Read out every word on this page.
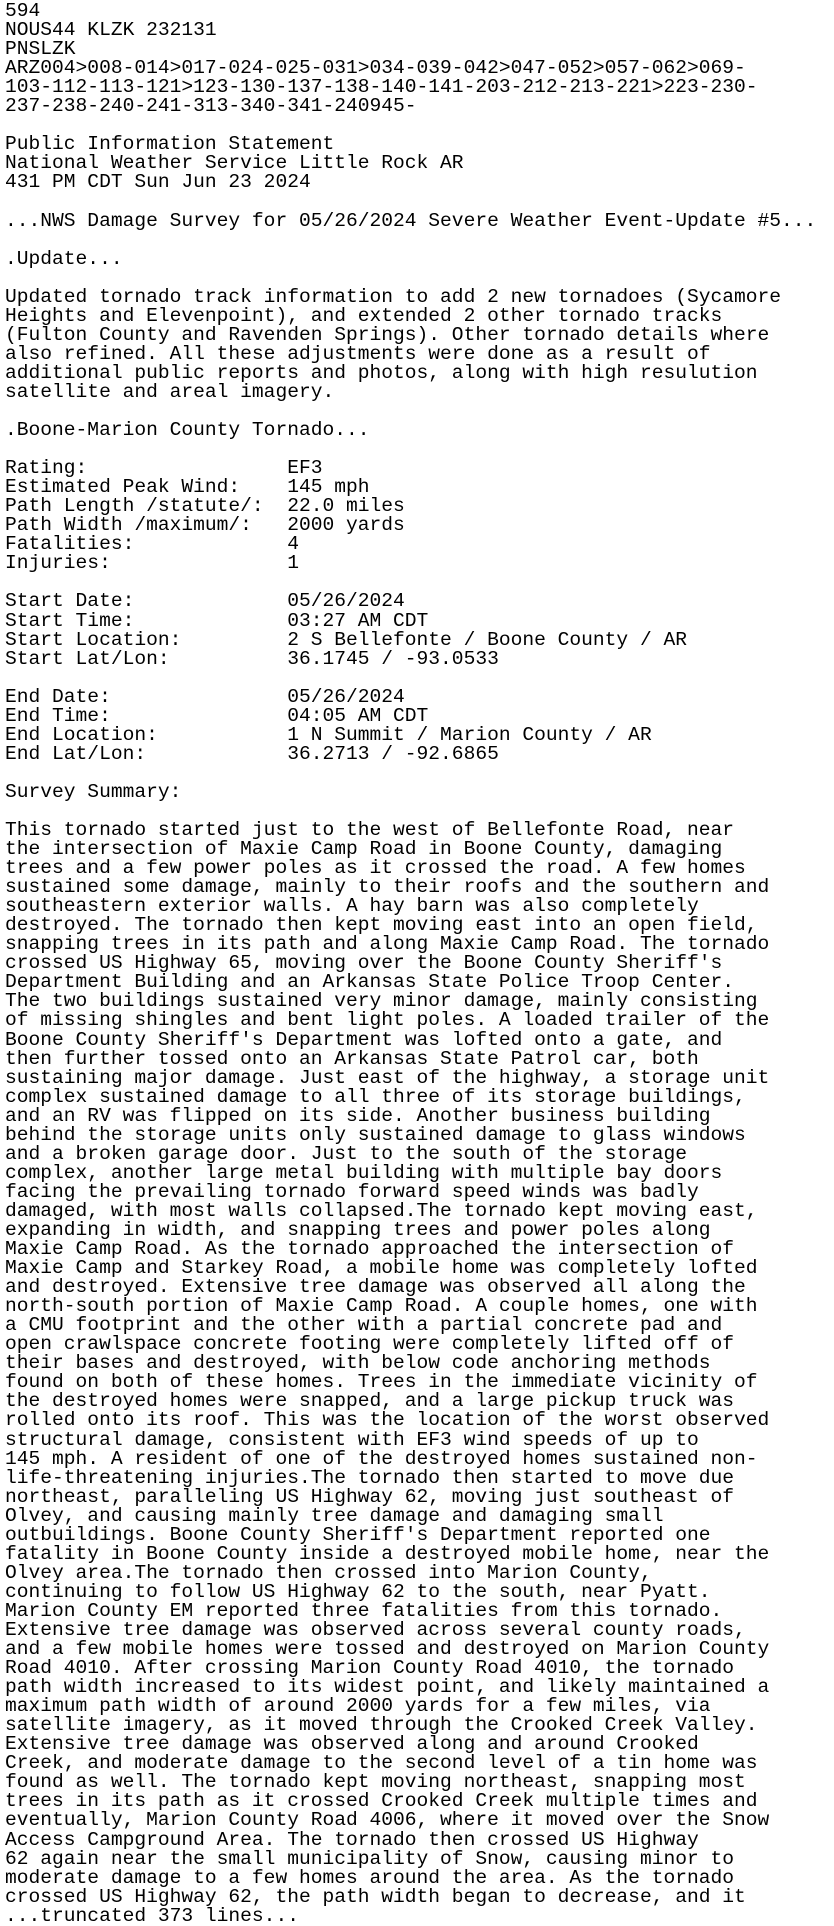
594
NOUS44 KLZK 232131
PNSLZK
ARZ004>008-014>017-024-025-031>034-039-042>047-052>057-062>069-
103-112-113-121>123-130-137-138-140-141-203-212-213-221>223-230-
237-238-240-241-313-340-341-240945-

Public Information Statement
National Weather Service Little Rock AR
431 PM CDT Sun Jun 23 2024

...NWS Damage Survey for 05/26/2024 Severe Weather Event-Update #5...

.Update...

Updated tornado track information to add 2 new tornadoes (Sycamore
Heights and Elevenpoint), and extended 2 other tornado tracks
(Fulton County and Ravenden Springs). Other tornado details where
also refined. All these adjustments were done as a result of
additional public reports and photos, along with high resulution
satellite and areal imagery.

.Boone-Marion County Tornado...

Rating:                 EF3
Estimated Peak Wind:    145 mph
Path Length /statute/:  22.0 miles
Path Width /maximum/:   2000 yards
Fatalities:             4
Injuries:               1

Start Date:             05/26/2024
Start Time:             03:27 AM CDT
Start Location:         2 S Bellefonte / Boone County / AR
Start Lat/Lon:          36.1745 / -93.0533

End Date:               05/26/2024
End Time:               04:05 AM CDT
End Location:           1 N Summit / Marion County / AR
End Lat/Lon:            36.2713 / -92.6865

Survey Summary:

This tornado started just to the west of Bellefonte Road, near
the intersection of Maxie Camp Road in Boone County, damaging
trees and a few power poles as it crossed the road. A few homes
sustained some damage, mainly to their roofs and the southern and
southeastern exterior walls. A hay barn was also completely
destroyed. The tornado then kept moving east into an open field,
snapping trees in its path and along Maxie Camp Road. The tornado
crossed US Highway 65, moving over the Boone County Sheriff's
Department Building and an Arkansas State Police Troop Center.
The two buildings sustained very minor damage, mainly consisting
of missing shingles and bent light poles. A loaded trailer of the
Boone County Sheriff's Department was lofted onto a gate, and
then further tossed onto an Arkansas State Patrol car, both
sustaining major damage. Just east of the highway, a storage unit
complex sustained damage to all three of its storage buildings,
and an RV was flipped on its side. Another business building
behind the storage units only sustained damage to glass windows
and a broken garage door. Just to the south of the storage
complex, another large metal building with multiple bay doors
facing the prevailing tornado forward speed winds was badly
damaged, with most walls collapsed.The tornado kept moving east,
expanding in width, and snapping trees and power poles along
Maxie Camp Road. As the tornado approached the intersection of
Maxie Camp and Starkey Road, a mobile home was completely lofted
and destroyed. Extensive tree damage was observed all along the
north-south portion of Maxie Camp Road. A couple homes, one with
a CMU footprint and the other with a partial concrete pad and
open crawlspace concrete footing were completely lifted off of
their bases and destroyed, with below code anchoring methods
found on both of these homes. Trees in the immediate vicinity of
the destroyed homes were snapped, and a large pickup truck was
rolled onto its roof. This was the location of the worst observed
structural damage, consistent with EF3 wind speeds of up to
145 mph. A resident of one of the destroyed homes sustained non-
life-threatening injuries.The tornado then started to move due
northeast, paralleling US Highway 62, moving just southeast of
Olvey, and causing mainly tree damage and damaging small
outbuildings. Boone County Sheriff's Department reported one
fatality in Boone County inside a destroyed mobile home, near the
Olvey area.The tornado then crossed into Marion County,
continuing to follow US Highway 62 to the south, near Pyatt.
Marion County EM reported three fatalities from this tornado.
Extensive tree damage was observed across several county roads,
and a few mobile homes were tossed and destroyed on Marion County
Road 4010. After crossing Marion County Road 4010, the tornado
path width increased to its widest point, and likely maintained a
maximum path width of around 2000 yards for a few miles, via
satellite imagery, as it moved through the Crooked Creek Valley.
Extensive tree damage was observed along and around Crooked
Creek, and moderate damage to the second level of a tin home was
found as well. The tornado kept moving northeast, snapping most
trees in its path as it crossed Crooked Creek multiple times and
eventually, Marion County Road 4006, where it moved over the Snow
Access Campground Area. The tornado then crossed US Highway
62 again near the small municipality of Snow, causing minor to
moderate damage to a few homes around the area. As the tornado
crossed US Highway 62, the path width began to decrease, and it
...truncated 373 lines...
